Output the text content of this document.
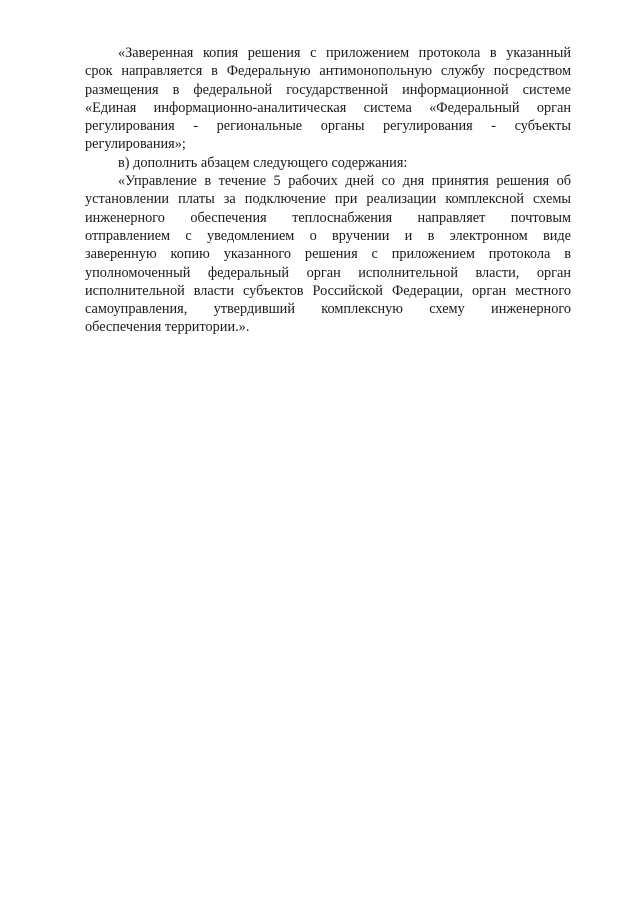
«Заверенная копия решения с приложением протокола в указанный
срок направляется в Федеральную антимонопольную службу посредством
размещения в федеральной государственной информационной системе
«Единая информационно-аналитическая система «Федеральный орган
регулирования - региональные органы регулирования - субъекты
регулирования»;

в) дополнить абзацем следующего содержания:

«Управление в течение 5 рабочих дней со дня принятия решения об
установлении платы за подключение при реализации комплексной схемы
инженерного обеспечения теплоснабжения направляет почтовым
отправлением с уведомлением о вручении и в электронном виде
заверенную копию указанного решения с приложением протокола в
уполномоченный федеральный орган исполнительной власти, орган
исполнительной власти субъектов Российской Федерации, орган местного
самоуправления, утвердивший комплексную схему инженерного
обеспечения территории.».
